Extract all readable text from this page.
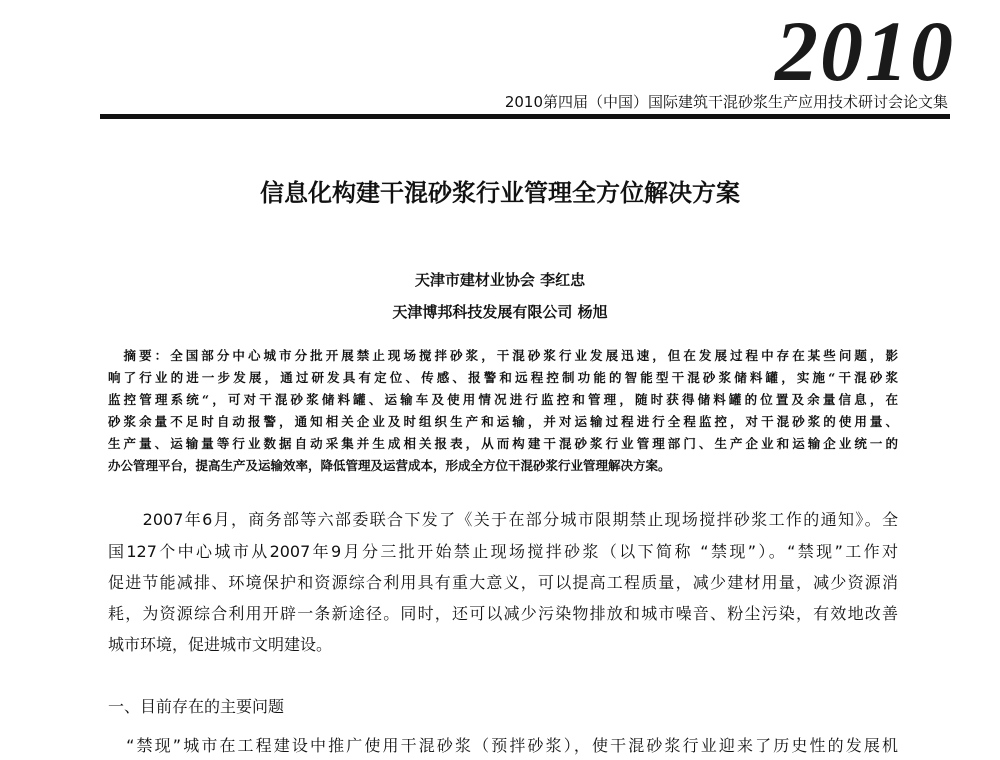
2010
2010第四届（中国）国际建筑干混砂浆生产应用技术研讨会论文集
信息化构建干混砂浆行业管理全方位解决方案
天津市建材业协会 李红忠
天津博邦科技发展有限公司 杨旭
　摘要：全国部分中心城市分批开展禁止现场搅拌砂浆，干混砂浆行业发展迅速，但在发展过程中存在某些问题，影
响了行业的进一步发展，通过研发具有定位、传感、报警和远程控制功能的智能型干混砂浆储料罐，实施“干混砂浆
监控管理系统“，可对干混砂浆储料罐、运输车及使用情况进行监控和管理，随时获得储料罐的位置及余量信息，在
砂浆余量不足时自动报警，通知相关企业及时组织生产和运输，并对运输过程进行全程监控，对干混砂浆的使用量、
生产量、运输量等行业数据自动采集并生成相关报表，从而构建干混砂浆行业管理部门、生产企业和运输企业统一的
办公管理平台，提高生产及运输效率，降低管理及运营成本，形成全方位干混砂浆行业管理解决方案。
　　2007年6月，商务部等六部委联合下发了《关于在部分城市限期禁止现场搅拌砂浆工作的通知》。全
国127个中心城市从2007年9月分三批开始禁止现场搅拌砂浆（以下简称 “禁现”）。“禁现”工作对
促进节能减排、环境保护和资源综合利用具有重大意义，可以提高工程质量，减少建材用量，减少资源消
耗，为资源综合利用开辟一条新途径。同时，还可以减少污染物排放和城市噪音、粉尘污染，有效地改善
城市环境，促进城市文明建设。
一、目前存在的主要问题
　“禁现”城市在工程建设中推广使用干混砂浆（预拌砂浆），使干混砂浆行业迎来了历史性的发展机
